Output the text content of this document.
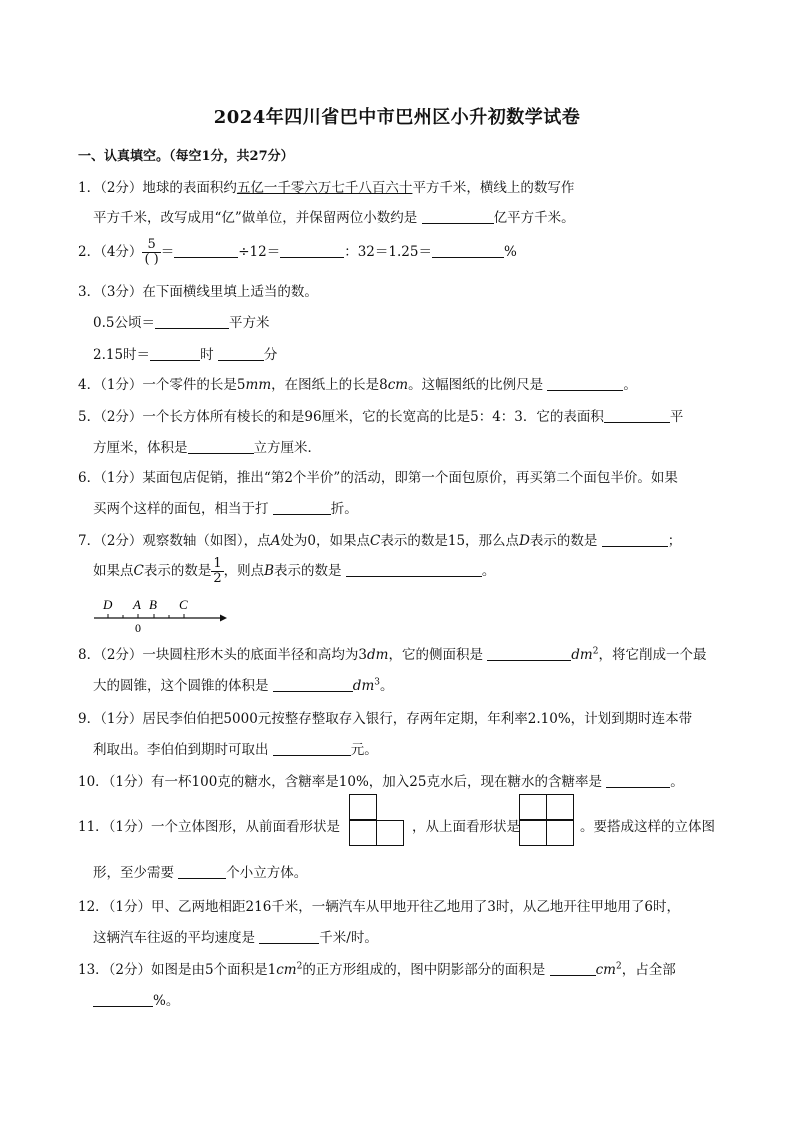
2024年四川省巴中市巴州区小升初数学试卷
一、认真填空。（每空1分，共27分）
1．（2分）地球的表面积约五亿一千零六万七千八百六十平方千米，横线上的数写作
平方千米，改写成用“亿”做单位，并保留两位小数约是	亿平方千米。
2．（4分） $\frac{5}{( )}$ ＝	÷12＝	：32＝1.25＝	%
3．（3分）在下面横线里填上适当的数。
0.5公顷＝	平方米
2.15时＝	时	分
4．（1分）一个零件的长是5mm，在图纸上的长是8cm。这幅图纸的比例尺是	。
5．（2分）一个长方体所有棱长的和是96厘米，它的长宽高的比是5：4：3．它的表面积	平
方厘米，体积是	立方厘米．
6．（1分）某面包店促销，推出“第2个半价”的活动，即第一个面包原价，再买第二个面包半价。如果
买两个这样的面包，相当于打	折。
7．（2分）观察数轴（如图），点A处为0，如果点C表示的数是15，那么点D表示的数是	；
如果点C表示的数是 $\frac{1}{2}$ ，则点B表示的数是	。
D A B C
0
8．（2分）一块圆柱形木头的底面半径和高均为3dm，它的侧面积是	$dm^2$，将它削成一个最
大的圆锥，这个圆锥的体积是	$dm^3$。
9．（1分）居民李伯伯把5000元按整存整取存入银行，存两年定期，年利率2.10%，计划到期时连本带
利取出。李伯伯到期时可取出	元。
10．（1分）有一杯100克的糖水，含糖率是10%，加入25克水后，现在糖水的含糖率是	。
11．（1分）一个立体图形，从前面看形状是	，从上面看形状是	。要搭成这样的立体图
形，至少需要	个小立方体。
12．（1分）甲、乙两地相距216千米，一辆汽车从甲地开往乙地用了3时，从乙地开往甲地用了6时，
这辆汽车往返的平均速度是	千米/时。
13．（2分）如图是由5个面积是$1cm^2$的正方形组成的，图中阴影部分的面积是	$cm^2$，占全部
%。
